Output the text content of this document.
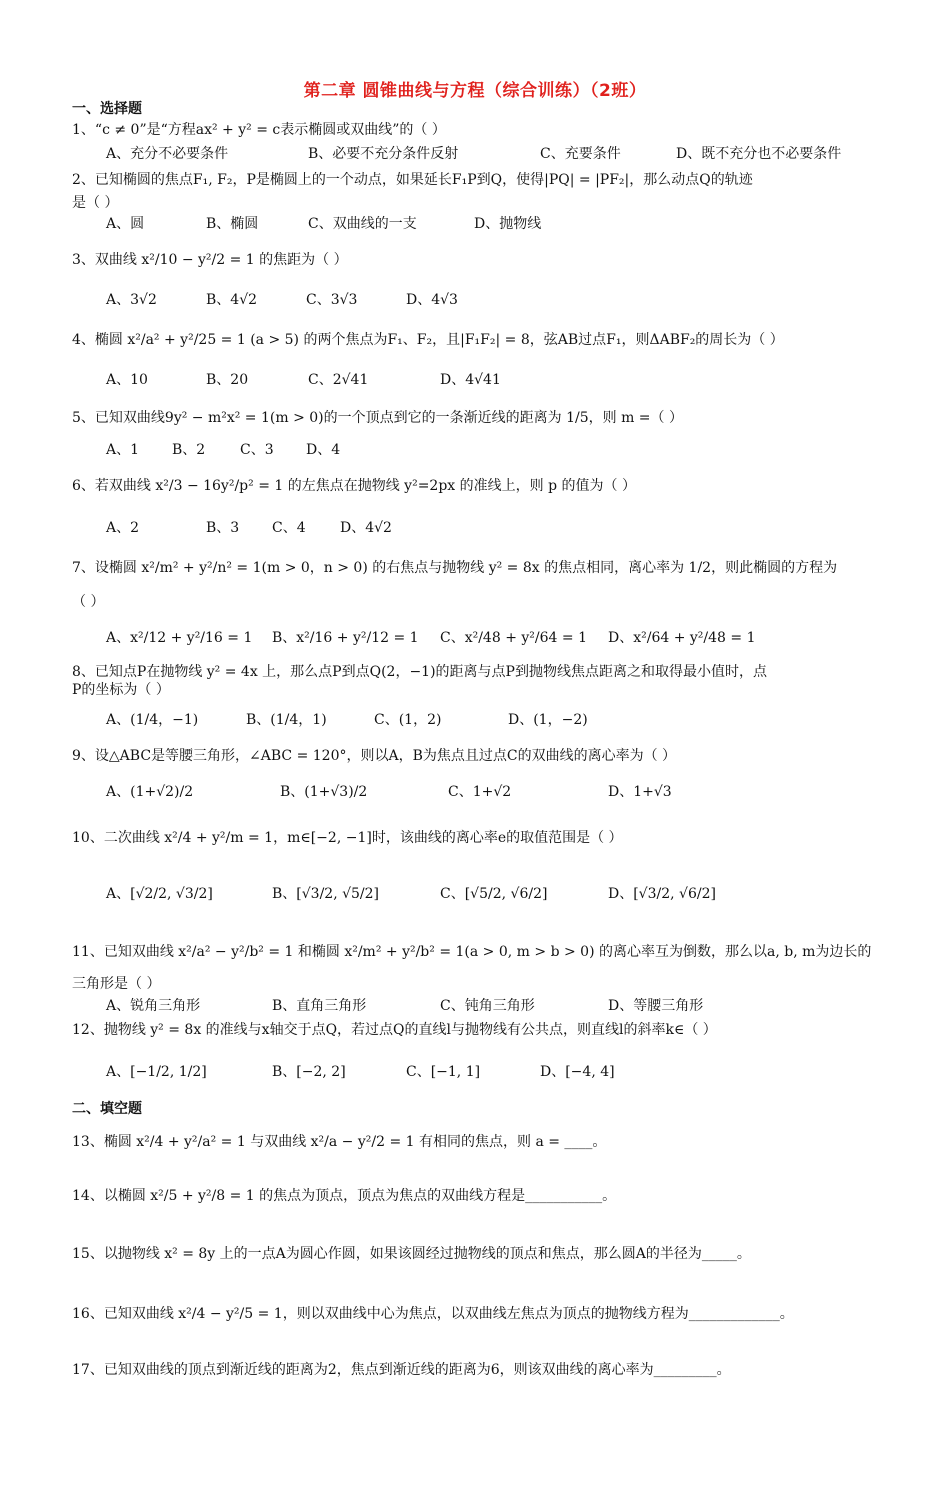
第二章 圆锥曲线与方程（综合训练）（2班）
一、选择题
1、“c ≠ 0”是“方程ax² + y² = c表示椭圆或双曲线”的（ ）
A、充分不必要条件	B、必要不充分条件反射	C、充要条件	D、既不充分也不必要条件
2、已知椭圆的焦点F₁, F₂，P是椭圆上的一个动点，如果延长F₁P到Q，使得|PQ| = |PF₂|，那么动点Q的轨迹
是（ ）
A、圆	B、椭圆	C、双曲线的一支	D、抛物线
3、双曲线 x²/10 − y²/2 = 1 的焦距为（ ）
A、3√2	B、4√2	C、3√3	D、4√3
4、椭圆 x²/a² + y²/25 = 1 (a > 5) 的两个焦点为F₁、F₂，且|F₁F₂| = 8，弦AB过点F₁，则ΔABF₂的周长为（ ）
A、10	B、20	C、2√41	D、4√41
5、已知双曲线9y² − m²x² = 1(m > 0)的一个顶点到它的一条渐近线的距离为 1/5，则 m =（ ）
A、1 B、2 C、3 D、4
6、若双曲线 x²/3 − 16y²/p² = 1 的左焦点在抛物线 y²=2px 的准线上，则 p 的值为（ ）
A、2	B、3 C、4 D、4√2
7、设椭圆 x²/m² + y²/n² = 1(m > 0，n > 0) 的右焦点与抛物线 y² = 8x 的焦点相同，离心率为 1/2，则此椭圆的方程为
（ ）
A、x²/12 + y²/16 = 1 B、x²/16 + y²/12 = 1 C、x²/48 + y²/64 = 1 D、x²/64 + y²/48 = 1
8、已知点P在抛物线 y² = 4x 上，那么点P到点Q(2，−1)的距离与点P到抛物线焦点距离之和取得最小值时，点
P的坐标为（ ）
A、(1/4，−1)	B、(1/4，1)	C、(1，2)	D、(1，−2)
9、设△ABC是等腰三角形，∠ABC = 120°，则以A，B为焦点且过点C的双曲线的离心率为（ ）
A、(1+√2)/2	B、(1+√3)/2	C、1+√2	D、1+√3
10、二次曲线 x²/4 + y²/m = 1，m∈[−2, −1]时，该曲线的离心率e的取值范围是（ ）
A、[√2/2, √3/2]	B、[√3/2, √5/2]	C、[√5/2, √6/2]	D、[√3/2, √6/2]
11、已知双曲线 x²/a² − y²/b² = 1 和椭圆 x²/m² + y²/b² = 1(a > 0, m > b > 0) 的离心率互为倒数，那么以a, b, m为边长的
三角形是（ ）
A、锐角三角形	B、直角三角形	C、钝角三角形	D、等腰三角形
12、抛物线 y² = 8x 的准线与x轴交于点Q，若过点Q的直线l与抛物线有公共点，则直线l的斜率k∈（ ）
A、[−1/2, 1/2]	B、[−2, 2]	C、[−1, 1]	D、[−4, 4]
二、填空题
13、椭圆 x²/4 + y²/a² = 1 与双曲线 x²/a − y²/2 = 1 有相同的焦点，则 a = ____。
14、以椭圆 x²/5 + y²/8 = 1 的焦点为顶点，顶点为焦点的双曲线方程是___________。
15、以抛物线 x² = 8y 上的一点A为圆心作圆，如果该圆经过抛物线的顶点和焦点，那么圆A的半径为_____。
16、已知双曲线 x²/4 − y²/5 = 1，则以双曲线中心为焦点，以双曲线左焦点为顶点的抛物线方程为_____________。
17、已知双曲线的顶点到渐近线的距离为2，焦点到渐近线的距离为6，则该双曲线的离心率为_________。
